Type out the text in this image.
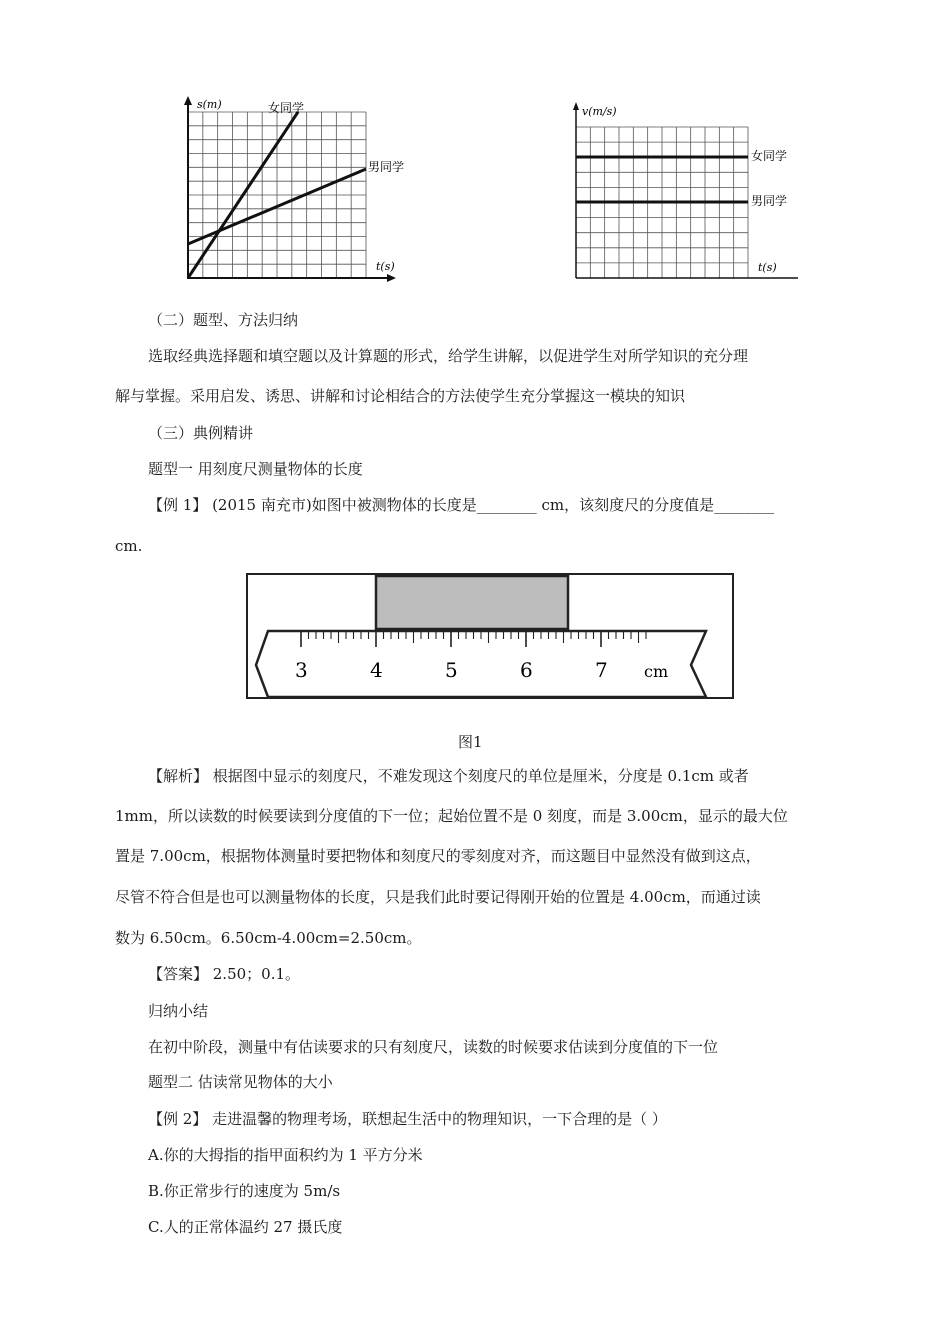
s(m)	女同学
男同学
t(s)
v(m/s)
女同学
男同学
t(s)
（二）题型、方法归纳
选取经典选择题和填空题以及计算题的形式，给学生讲解，以促进学生对所学知识的充分理
解与掌握。采用启发、诱思、讲解和讨论相结合的方法使学生充分掌握这一模块的知识
（三）典例精讲
题型一 用刻度尺测量物体的长度
【例 1】 (2015 南充市)如图中被测物体的长度是________ cm，该刻度尺的分度值是________
cm.
3	4	5	6	7 cm
图1
【解析】 根据图中显示的刻度尺，不难发现这个刻度尺的单位是厘米，分度是 0.1cm 或者
1mm，所以读数的时候要读到分度值的下一位；起始位置不是 0 刻度，而是 3.00cm，显示的最大位
置是 7.00cm，根据物体测量时要把物体和刻度尺的零刻度对齐，而这题目中显然没有做到这点，
尽管不符合但是也可以测量物体的长度，只是我们此时要记得刚开始的位置是 4.00cm，而通过读
数为 6.50cm。6.50cm-4.00cm=2.50cm。
【答案】 2.50；0.1。
归纳小结
在初中阶段，测量中有估读要求的只有刻度尺，读数的时候要求估读到分度值的下一位
题型二 估读常见物体的大小
【例 2】 走进温馨的物理考场，联想起生活中的物理知识，一下合理的是（ ）
A.你的大拇指的指甲面积约为 1 平方分米
B.你正常步行的速度为 5m/s
C.人的正常体温约 27 摄氏度
